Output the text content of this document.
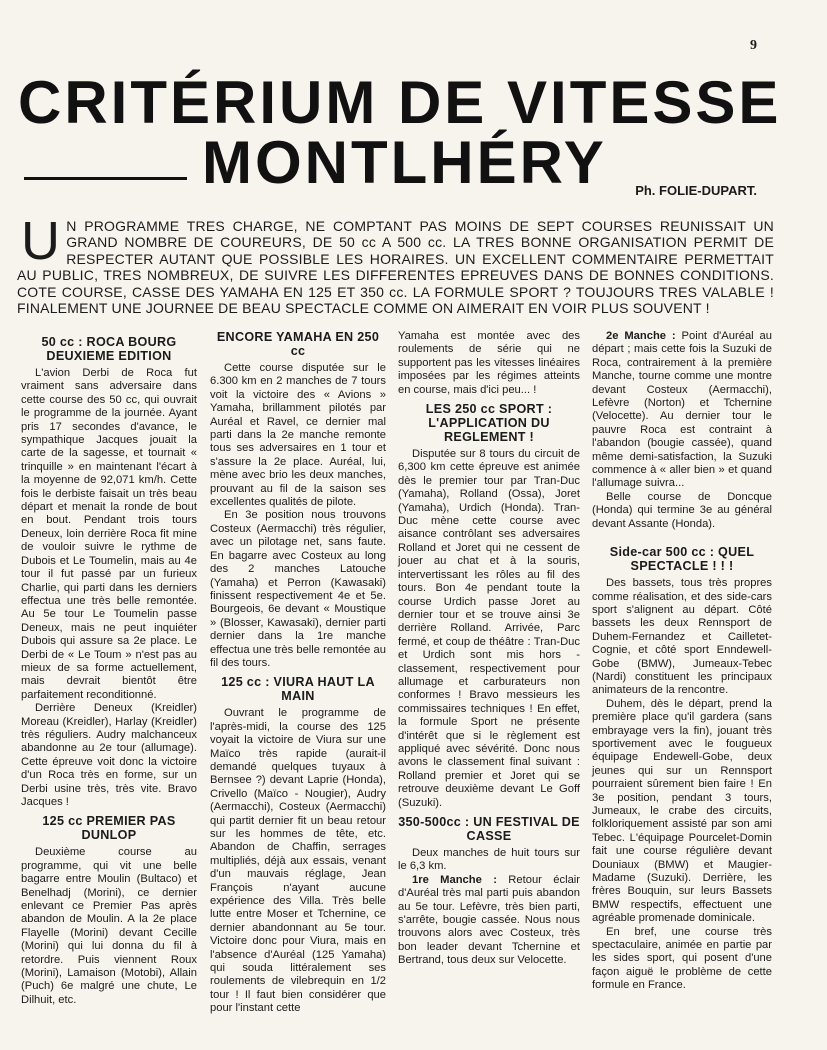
9
CRITÉRIUM DE VITESSE
MONTLHÉRY Ph. FOLIE-DUPART.
U N PROGRAMME TRES CHARGE, NE COMPTANT PAS MOINS DE SEPT COURSES REUNISSAIT UN GRAND NOMBRE DE COUREURS, DE 50 cc A 500 cc. LA TRES BONNE ORGANISATION PERMIT DE RESPECTER AUTANT QUE POSSIBLE LES HORAIRES. UN EXCELLENT COMMENTAIRE PERMETTAIT AU PUBLIC, TRES NOMBREUX, DE SUIVRE LES DIFFERENTES EPREUVES DANS DE BONNES CONDITIONS. COTE COURSE, CASSE DES YAMAHA EN 125 ET 350 cc. LA FORMULE SPORT ? TOUJOURS TRES VALABLE ! FINALEMENT UNE JOURNEE DE BEAU SPECTACLE COMME ON AIMERAIT EN VOIR PLUS SOUVENT !
50 cc : ROCA BOURG DEUXIEME EDITION

L'avion Derbi de Roca fut vraiment sans adversaire dans cette course des 50 cc, qui ouvrait le programme de la journée. Ayant pris 17 secondes d'avance, le sympathique Jacques jouait la carte de la sagesse, et tournait « trinquille » en maintenant l'écart à la moyenne de 92,071 km/h. Cette fois le derbiste faisait un très beau départ et menait la ronde de bout en bout. Pendant trois tours Deneux, loin derrière Roca fit mine de vouloir suivre le rythme de Dubois et Le Toumelin, mais au 4e tour il fut passé par un furieux Charlie, qui parti dans les derniers effectua une très belle remontée. Au 5e tour Le Toumelin passe Deneux, mais ne peut inquiéter Dubois qui assure sa 2e place. Le Derbi de « Le Toum » n'est pas au mieux de sa forme actuellement, mais devrait bientôt être parfaitement reconditionné.

Derrière Deneux (Kreidler) Moreau (Kreidler), Harlay (Kreidler) très réguliers. Audry malchanceux abandonne au 2e tour (allumage). Cette épreuve voit donc la victoire d'un Roca très en forme, sur un Derbi usine très, très vite. Bravo Jacques !

125 cc PREMIER PAS DUNLOP

Deuxième course au programme, qui vit une belle bagarre entre Moulin (Bultaco) et Benelhadj (Morini), ce dernier enlevant ce Premier Pas après abandon de Moulin. A la 2e place Flayelle (Morini) devant Cecille (Morini) qui lui donna du fil à retordre. Puis viennent Roux (Morini), Lamaison (Motobi), Allain (Puch) 6e malgré une chute, Le Dilhuit, etc.

ENCORE YAMAHA EN 250 cc

Cette course disputée sur le 6.300 km en 2 manches de 7 tours voit la victoire des « Avions » Yamaha, brillamment pilotés par Auréal et Ravel, ce dernier mal parti dans la 2e manche remonte tous ses adversaires en 1 tour et s'assure la 2e place. Auréal, lui, mène avec brio les deux manches, prouvant au fil de la saison ses excellentes qualités de pilote.

En 3e position nous trouvons Costeux (Aermacchi) très régulier, avec un pilotage net, sans faute. En bagarre avec Costeux au long des 2 manches Latouche (Yamaha) et Perron (Kawasaki) finissent respectivement 4e et 5e. Bourgeois, 6e devant « Moustique » (Blosser, Kawasaki), dernier parti dernier dans la 1re manche effectua une très belle remontée au fil des tours.

125 cc : VIURA HAUT LA MAIN

Ouvrant le programme de l'après-midi, la course des 125 voyait la victoire de Viura sur une Maïco très rapide (aurait-il demandé quelques tuyaux à Bernsee ?) devant Laprie (Honda), Crivello (Maïco - Nougier), Audry (Aermacchi), Costeux (Aermacchi) qui partit dernier fit un beau retour sur les hommes de tête, etc. Abandon de Chaffin, serrages multipliés, déjà aux essais, venant d'un mauvais réglage, Jean François n'ayant aucune expérience des Villa. Très belle lutte entre Moser et Tchernine, ce dernier abandonnant au 5e tour. Victoire donc pour Viura, mais en l'absence d'Auréal (125 Yamaha) qui souda littéralement ses roulements de vilebrequin en 1/2 tour ! Il faut bien considérer que pour l'instant cette

Yamaha est montée avec des roulements de série qui ne supportent pas les vitesses linéaires imposées par les régimes atteints en course, mais d'ici peu... !

LES 250 cc SPORT : L'APPLICATION DU REGLEMENT !

Disputée sur 8 tours du circuit de 6,300 km cette épreuve est animée dès le premier tour par Tran-Duc (Yamaha), Rolland (Ossa), Joret (Yamaha), Urdich (Honda). Tran-Duc mène cette course avec aisance contrôlant ses adversaires Rolland et Joret qui ne cessent de jouer au chat et à la souris, intervertissant les rôles au fil des tours. Bon 4e pendant toute la course Urdich passe Joret au dernier tour et se trouve ainsi 3e derrière Rolland. Arrivée, Parc fermé, et coup de théâtre : Tran-Duc et Urdich sont mis hors - classement, respectivement pour allumage et carburateurs non conformes ! Bravo messieurs les commissaires techniques ! En effet, la formule Sport ne présente d'intérêt que si le règlement est appliqué avec sévérité. Donc nous avons le classement final suivant : Rolland premier et Joret qui se retrouve deuxième devant Le Goff (Suzuki).

350-500cc : UN FESTIVAL DE CASSE

Deux manches de huit tours sur le 6,3 km.

1re Manche : Retour éclair d'Auréal très mal parti puis abandon au 5e tour. Lefèvre, très bien parti, s'arrête, bougie cassée. Nous nous trouvons alors avec Costeux, très bon leader devant Tchernine et Bertrand, tous deux sur Velocette.

2e Manche : Point d'Auréal au départ ; mais cette fois la Suzuki de Roca, contrairement à la première Manche, tourne comme une montre devant Costeux (Aermacchi), Lefèvre (Norton) et Tchernine (Velocette). Au dernier tour le pauvre Roca est contraint à l'abandon (bougie cassée), quand même demi-satisfaction, la Suzuki commence à « aller bien » et quand l'allumage suivra...

Belle course de Doncque (Honda) qui termine 3e au général devant Assante (Honda).

Side-car 500 cc : QUEL SPECTACLE ! ! !

Des bassets, tous très propres comme réalisation, et des side-cars sport s'alignent au départ. Côté bassets les deux Rennsport de Duhem-Fernandez et Cailletet-Cognie, et côté sport Enndewell-Gobe (BMW), Jumeaux-Tebec (Nardi) constituent les principaux animateurs de la rencontre.

Duhem, dès le départ, prend la première place qu'il gardera (sans embrayage vers la fin), jouant très sportivement avec le fougueux équipage Endewell-Gobe, deux jeunes qui sur un Rennsport pourraient sûrement bien faire ! En 3e position, pendant 3 tours, Jumeaux, le crabe des circuits, folkloriquement assisté par son ami Tebec. L'équipage Pourcelet-Domin fait une course régulière devant Douniaux (BMW) et Maugier-Madame (Suzuki). Derrière, les frères Bouquin, sur leurs Bassets BMW respectifs, effectuent une agréable promenade dominicale.

En bref, une course très spectaculaire, animée en partie par les sides sport, qui posent d'une façon aiguë le problème de cette formule en France.
